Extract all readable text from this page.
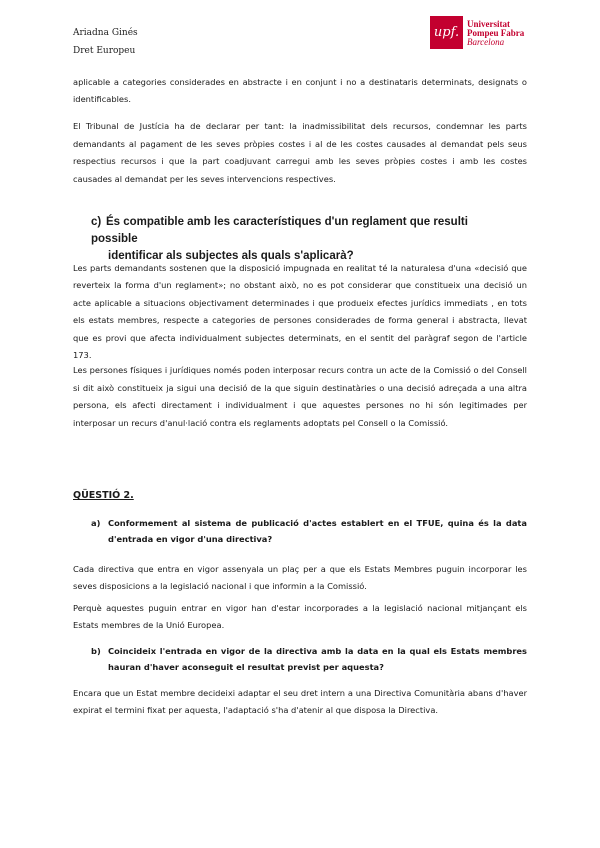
Ariadna Ginés
Dret Europeu
upf.
Universitat
Pompeu Fabra
Barcelona

aplicable a categories considerades en abstracte i en conjunt i no a destinataris determinats, designats o identificables.

El Tribunal de Justícia ha de declarar per tant: la inadmissibilitat dels recursos, condemnar les parts demandants al pagament de les seves pròpies costes i al de les costes causades al demandat pels seus respectius recursos i que la part coadjuvant carregui amb les seves pròpies costes i amb les costes causades al demandat per les seves intervencions respectives.

c) És compatible amb les característiques d'un reglament que resulti possible
identificar als subjectes als quals s'aplicarà?

Les parts demandants sostenen que la disposició impugnada en realitat té la naturalesa d'una «decisió que reverteix la forma d'un reglament»; no obstant això, no es pot considerar que constitueix una decisió un acte aplicable a situacions objectivament determinades i que produeix efectes jurídics immediats , en tots els estats membres, respecte a categories de persones considerades de forma general i abstracta, llevat que es provi que afecta individualment subjectes determinats, en el sentit del paràgraf segon de l'article 173.

Les persones físiques i jurídiques només poden interposar recurs contra un acte de la Comissió o del Consell si dit això constitueix ja sigui una decisió de la que siguin destinatàries o una decisió adreçada a una altra persona, els afecti directament i individualment i que aquestes persones no hi són legitimades per interposar un recurs d'anul·lació contra els reglaments adoptats pel Consell o la Comissió.

QÜESTIÓ 2.
a) Conformement al sistema de publicació d'actes establert en el TFUE, quina és la data d'entrada en vigor d'una directiva?

Cada directiva que entra en vigor assenyala un plaç per a que els Estats Membres puguin incorporar les seves disposicions a la legislació nacional i que informin a la Comissió.

Perquè aquestes puguin entrar en vigor han d'estar incorporades a la legislació nacional mitjançant els Estats membres de la Unió Europea.

b) Coincideix l'entrada en vigor de la directiva amb la data en la qual els Estats membres hauran d'haver aconseguit el resultat previst per aquesta?

Encara que un Estat membre decideixi adaptar el seu dret intern a una Directiva Comunitària abans d'haver expirat el termini fixat per aquesta, l'adaptació s'ha d'atenir al que disposa la Directiva.
